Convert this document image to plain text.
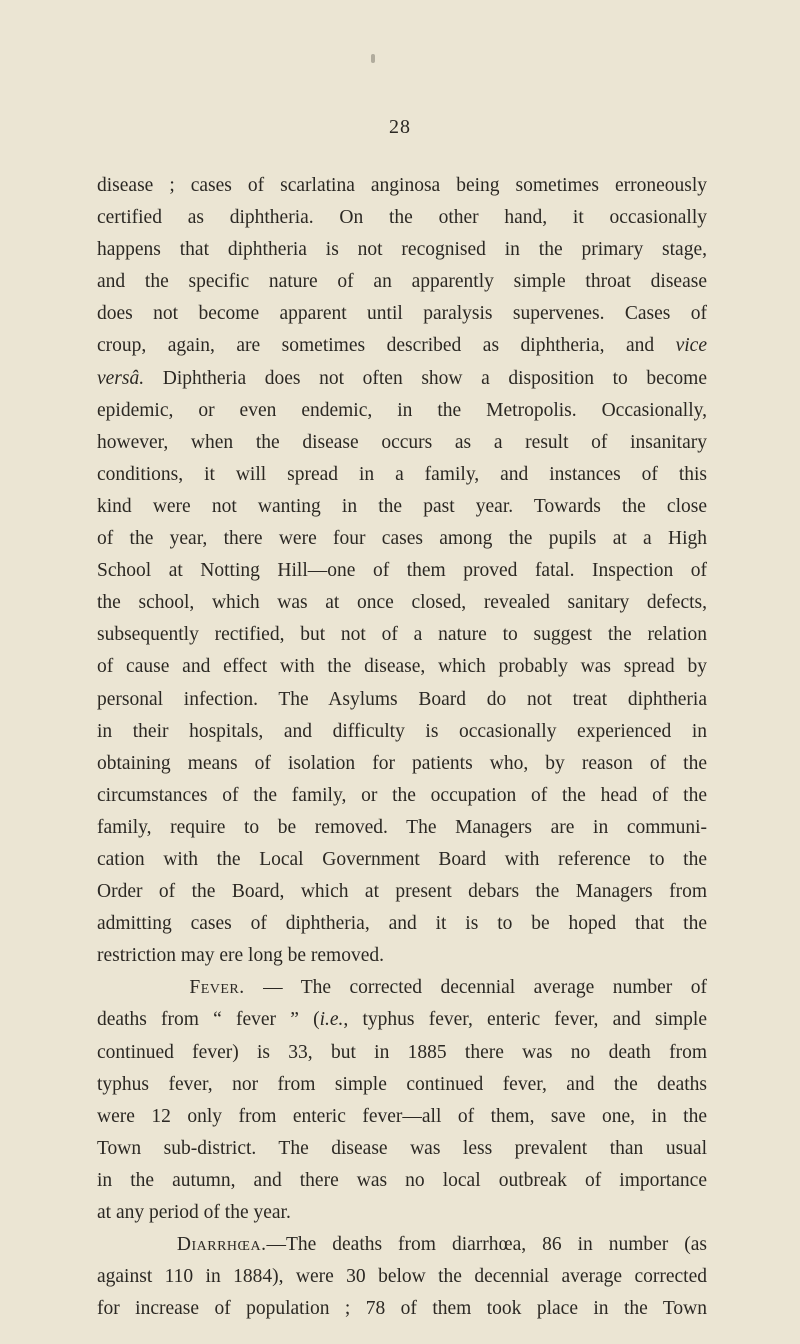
28
disease ; cases of scarlatina anginosa being sometimes erroneously
certified as diphtheria. On the other hand, it occasionally
happens that diphtheria is not recognised in the primary stage,
and the specific nature of an apparently simple throat disease
does not become apparent until paralysis supervenes. Cases of
croup, again, are sometimes described as diphtheria, and vice
versâ. Diphtheria does not often show a disposition to become
epidemic, or even endemic, in the Metropolis. Occasionally,
however, when the disease occurs as a result of insanitary
conditions, it will spread in a family, and instances of this
kind were not wanting in the past year. Towards the close
of the year, there were four cases among the pupils at a High
School at Notting Hill—one of them proved fatal. Inspection of
the school, which was at once closed, revealed sanitary defects,
subsequently rectified, but not of a nature to suggest the relation
of cause and effect with the disease, which probably was spread by
personal infection. The Asylums Board do not treat diphtheria
in their hospitals, and difficulty is occasionally experienced in
obtaining means of isolation for patients who, by reason of the
circumstances of the family, or the occupation of the head of the
family, require to be removed. The Managers are in communi-
cation with the Local Government Board with reference to the
Order of the Board, which at present debars the Managers from
admitting cases of diphtheria, and it is to be hoped that the
restriction may ere long be removed.
Fever. — The corrected decennial average number of
deaths from “ fever ” (i.e., typhus fever, enteric fever, and simple
continued fever) is 33, but in 1885 there was no death from
typhus fever, nor from simple continued fever, and the deaths
were 12 only from enteric fever—all of them, save one, in the
Town sub-district. The disease was less prevalent than usual
in the autumn, and there was no local outbreak of importance
at any period of the year.
Diarrhœa.—The deaths from diarrhœa, 86 in number (as
against 110 in 1884), were 30 below the decennial average corrected
for increase of population ; 78 of them took place in the Town
